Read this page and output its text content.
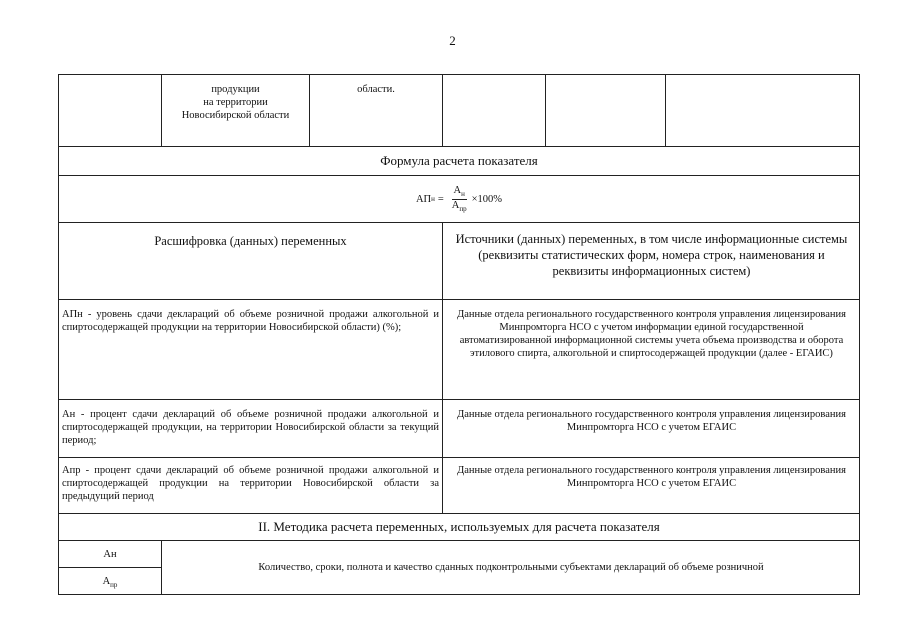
2
продукции
на территории
Новосибирской области
области.
Формула расчета показателя
АП $н = \frac{А_н}{А_{пр}} \times 100\%$
Расшифровка (данных) переменных	Источники (данных) переменных, в том числе информационные системы (реквизиты статистических форм, номера строк, наименования и реквизиты информационных систем)
АПн - уровень сдачи деклараций об объеме розничной продажи алкогольной и спиртосодержащей продукции на территории Новосибирской области) (%);
Данные отдела регионального государственного контроля управления лицензирования Минпромторга НСО с учетом информации единой государственной автоматизированной информационной системы учета объема производства и оборота этилового спирта, алкогольной и спиртосодержащей продукции (далее - ЕГАИС)
Ан - процент сдачи деклараций об объеме розничной продажи алкогольной и спиртосодержащей продукции, на территории Новосибирской области за текущий период;
Данные отдела регионального государственного контроля управления лицензирования Минпромторга НСО с учетом ЕГАИС
Апр - процент сдачи деклараций об объеме розничной продажи алкогольной и спиртосодержащей продукции на территории Новосибирской области за предыдущий период
Данные отдела регионального государственного контроля управления лицензирования Минпромторга НСО с учетом ЕГАИС
II. Методика расчета переменных, используемых для расчета показателя
Ан
$А_{пр}$
Количество, сроки, полнота и качество сданных подконтрольными субъектами деклараций об объеме розничной
